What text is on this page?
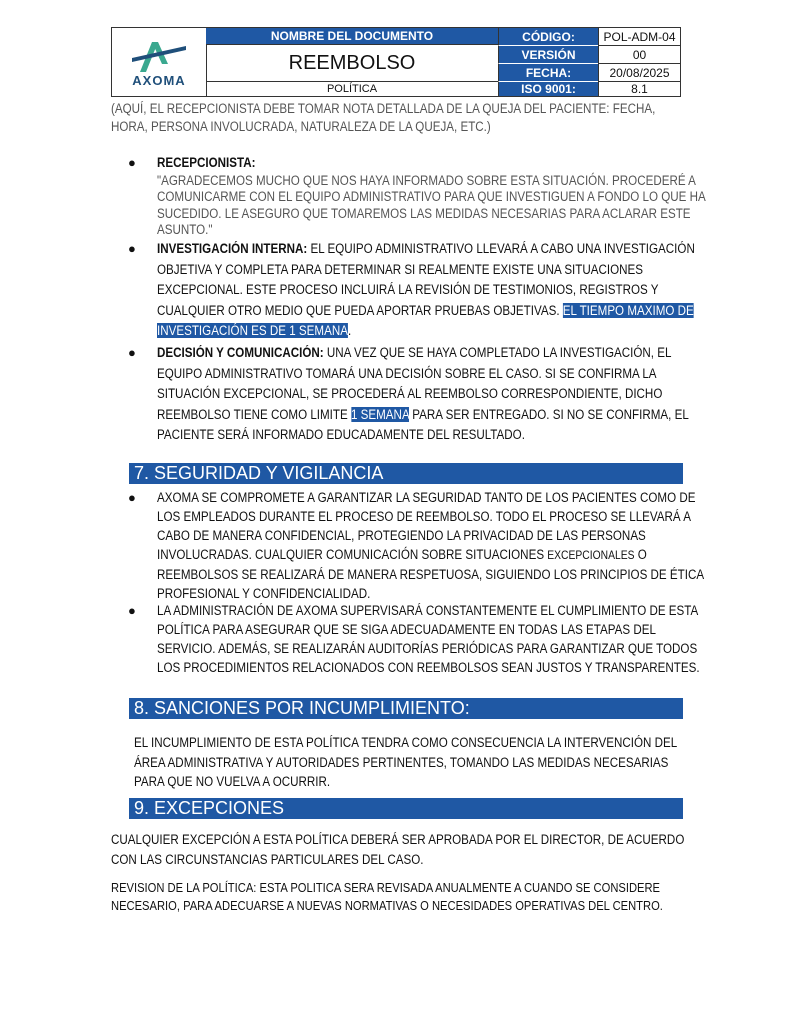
AXOMA
NOMBRE DEL DOCUMENTO
REEMBOLSO
POLÍTICA
CÓDIGO:	POL-ADM-04
VERSIÓN	00
FECHA:	20/08/2025
ISO 9001:	8.1
(AQUÍ, EL RECEPCIONISTA DEBE TOMAR NOTA DETALLADA DE LA QUEJA DEL PACIENTE: FECHA, HORA, PERSONA INVOLUCRADA, NATURALEZA DE LA QUEJA, ETC.)
● RECEPCIONISTA:
"AGRADECEMOS MUCHO QUE NOS HAYA INFORMADO SOBRE ESTA SITUACIÓN. PROCEDERÉ A COMUNICARME CON EL EQUIPO ADMINISTRATIVO PARA QUE INVESTIGUEN A FONDO LO QUE HA SUCEDIDO. LE ASEGURO QUE TOMAREMOS LAS MEDIDAS NECESARIAS PARA ACLARAR ESTE ASUNTO."
● INVESTIGACIÓN INTERNA: EL EQUIPO ADMINISTRATIVO LLEVARÁ A CABO UNA INVESTIGACIÓN OBJETIVA Y COMPLETA PARA DETERMINAR SI REALMENTE EXISTE UNA SITUACIONES EXCEPCIONAL. ESTE PROCESO INCLUIRÁ LA REVISIÓN DE TESTIMONIOS, REGISTROS Y CUALQUIER OTRO MEDIO QUE PUEDA APORTAR PRUEBAS OBJETIVAS. EL TIEMPO MAXIMO DE INVESTIGACIÓN ES DE 1 SEMANA.
● DECISIÓN Y COMUNICACIÓN: UNA VEZ QUE SE HAYA COMPLETADO LA INVESTIGACIÓN, EL EQUIPO ADMINISTRATIVO TOMARÁ UNA DECISIÓN SOBRE EL CASO. SI SE CONFIRMA LA SITUACIÓN EXCEPCIONAL, SE PROCEDERÁ AL REEMBOLSO CORRESPONDIENTE, DICHO REEMBOLSO TIENE COMO LIMITE 1 SEMANA PARA SER ENTREGADO. SI NO SE CONFIRMA, EL PACIENTE SERÁ INFORMADO EDUCADAMENTE DEL RESULTADO.
7. SEGURIDAD Y VIGILANCIA
● AXOMA SE COMPROMETE A GARANTIZAR LA SEGURIDAD TANTO DE LOS PACIENTES COMO DE LOS EMPLEADOS DURANTE EL PROCESO DE REEMBOLSO. TODO EL PROCESO SE LLEVARÁ A CABO DE MANERA CONFIDENCIAL, PROTEGIENDO LA PRIVACIDAD DE LAS PERSONAS INVOLUCRADAS. CUALQUIER COMUNICACIÓN SOBRE SITUACIONES EXCEPCIONALES O REEMBOLSOS SE REALIZARÁ DE MANERA RESPETUOSA, SIGUIENDO LOS PRINCIPIOS DE ÉTICA PROFESIONAL Y CONFIDENCIALIDAD.
● LA ADMINISTRACIÓN DE AXOMA SUPERVISARÁ CONSTANTEMENTE EL CUMPLIMIENTO DE ESTA POLÍTICA PARA ASEGURAR QUE SE SIGA ADECUADAMENTE EN TODAS LAS ETAPAS DEL SERVICIO. ADEMÁS, SE REALIZARÁN AUDITORÍAS PERIÓDICAS PARA GARANTIZAR QUE TODOS LOS PROCEDIMIENTOS RELACIONADOS CON REEMBOLSOS SEAN JUSTOS Y TRANSPARENTES.
8. SANCIONES POR INCUMPLIMIENTO:
EL INCUMPLIMIENTO DE ESTA POLÍTICA TENDRA COMO CONSECUENCIA LA INTERVENCIÓN DEL ÁREA ADMINISTRATIVA Y AUTORIDADES PERTINENTES, TOMANDO LAS MEDIDAS NECESARIAS PARA QUE NO VUELVA A OCURRIR.
9. EXCEPCIONES
CUALQUIER EXCEPCIÓN A ESTA POLÍTICA DEBERÁ SER APROBADA POR EL DIRECTOR, DE ACUERDO CON LAS CIRCUNSTANCIAS PARTICULARES DEL CASO.
REVISION DE LA POLÍTICA: ESTA POLITICA SERA REVISADA ANUALMENTE A CUANDO SE CONSIDERE NECESARIO, PARA ADECUARSE A NUEVAS NORMATIVAS O NECESIDADES OPERATIVAS DEL CENTRO.
